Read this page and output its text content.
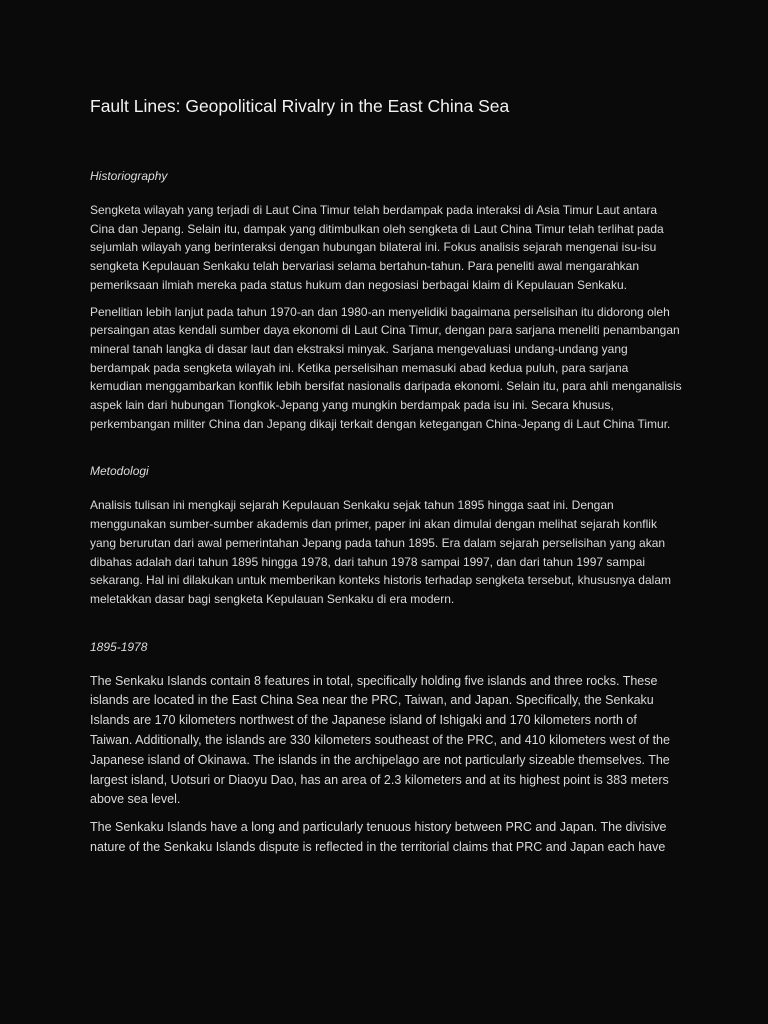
Fault Lines: Geopolitical Rivalry in the East China Sea
Historiography

Sengketa wilayah yang terjadi di Laut Cina Timur telah berdampak pada interaksi di Asia Timur Laut antara Cina dan Jepang. Selain itu, dampak yang ditimbulkan oleh sengketa di Laut China Timur telah terlihat pada sejumlah wilayah yang berinteraksi dengan hubungan bilateral ini. Fokus analisis sejarah mengenai isu-isu sengketa Kepulauan Senkaku telah bervariasi selama bertahun-tahun. Para peneliti awal mengarahkan pemeriksaan ilmiah mereka pada status hukum dan negosiasi berbagai klaim di Kepulauan Senkaku.

Penelitian lebih lanjut pada tahun 1970-an dan 1980-an menyelidiki bagaimana perselisihan itu didorong oleh persaingan atas kendali sumber daya ekonomi di Laut Cina Timur, dengan para sarjana meneliti penambangan mineral tanah langka di dasar laut dan ekstraksi minyak. Sarjana mengevaluasi undang-undang yang berdampak pada sengketa wilayah ini. Ketika perselisihan memasuki abad kedua puluh, para sarjana kemudian menggambarkan konflik lebih bersifat nasionalis daripada ekonomi. Selain itu, para ahli menganalisis aspek lain dari hubungan Tiongkok-Jepang yang mungkin berdampak pada isu ini. Secara khusus, perkembangan militer China dan Jepang dikaji terkait dengan ketegangan China-Jepang di Laut China Timur.

Metodologi

Analisis tulisan ini mengkaji sejarah Kepulauan Senkaku sejak tahun 1895 hingga saat ini. Dengan menggunakan sumber-sumber akademis dan primer, paper ini akan dimulai dengan melihat sejarah konflik yang berurutan dari awal pemerintahan Jepang pada tahun 1895. Era dalam sejarah perselisihan yang akan dibahas adalah dari tahun 1895 hingga 1978, dari tahun 1978 sampai 1997, dan dari tahun 1997 sampai sekarang. Hal ini dilakukan untuk memberikan konteks historis terhadap sengketa tersebut, khususnya dalam meletakkan dasar bagi sengketa Kepulauan Senkaku di era modern.

1895-1978

The Senkaku Islands contain 8 features in total, specifically holding five islands and three rocks. These islands are located in the East China Sea near the PRC, Taiwan, and Japan. Specifically, the Senkaku Islands are 170 kilometers northwest of the Japanese island of Ishigaki and 170 kilometers north of Taiwan. Additionally, the islands are 330 kilometers southeast of the PRC, and 410 kilometers west of the Japanese island of Okinawa. The islands in the archipelago are not particularly sizeable themselves. The largest island, Uotsuri or Diaoyu Dao, has an area of 2.3 kilometers and at its highest point is 383 meters above sea level.

The Senkaku Islands have a long and particularly tenuous history between PRC and Japan. The divisive nature of the Senkaku Islands dispute is reflected in the territorial claims that PRC and Japan each have
